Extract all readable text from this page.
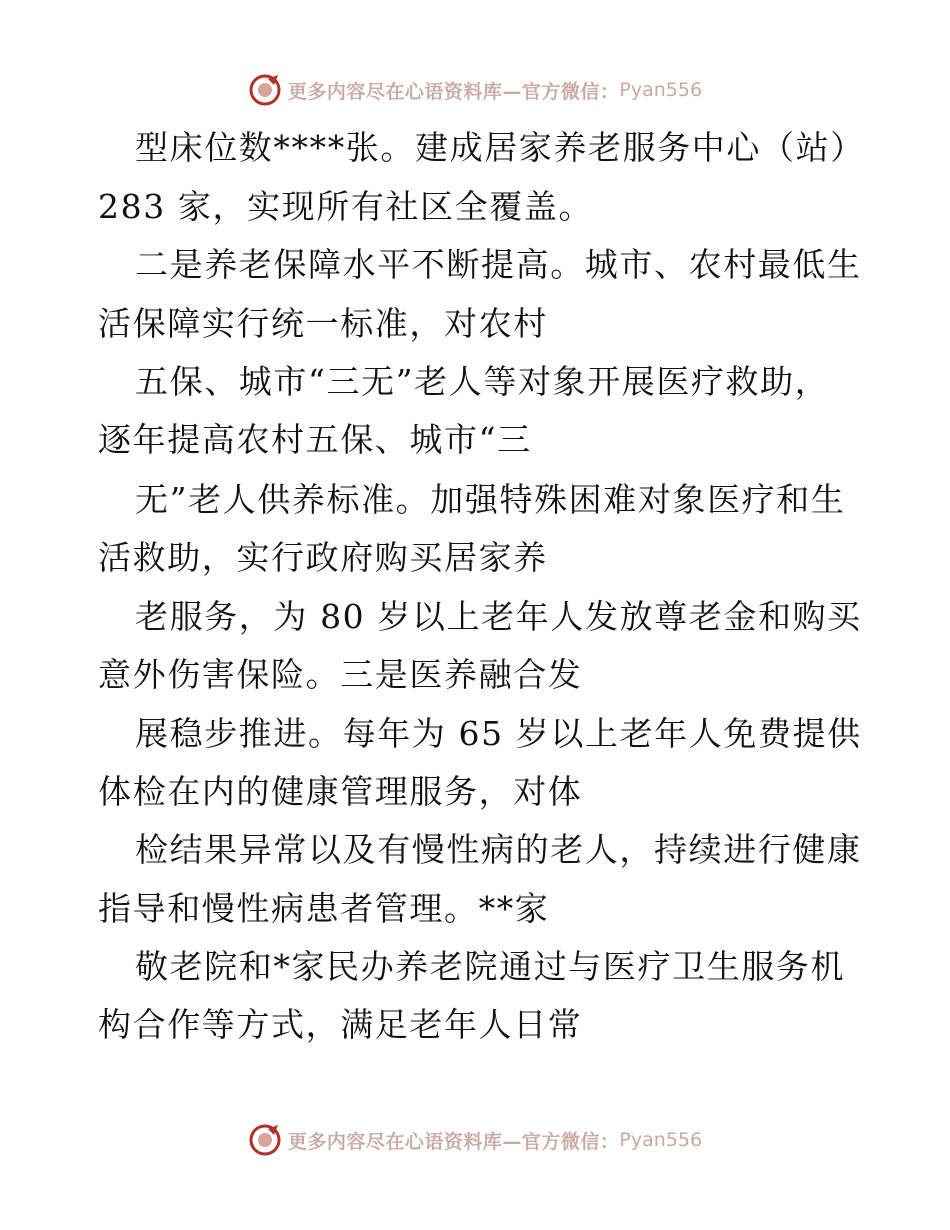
更多内容尽在心语资料库—官方微信： Pyan556
型床位数****张。建成居家养老服务中心（站）
283 家，实现所有社区全覆盖。
二是养老保障水平不断提高。城市、农村最低生
活保障实行统一标准，对农村
五保、城市“三无”老人等对象开展医疗救助，
逐年提高农村五保、城市“三
无”老人供养标准。加强特殊困难对象医疗和生
活救助，实行政府购买居家养
老服务，为 80 岁以上老年人发放尊老金和购买
意外伤害保险。三是医养融合发
展稳步推进。每年为 65 岁以上老年人免费提供
体检在内的健康管理服务，对体
检结果异常以及有慢性病的老人，持续进行健康
指导和慢性病患者管理。**家
敬老院和*家民办养老院通过与医疗卫生服务机
构合作等方式，满足老年人日常
更多内容尽在心语资料库—官方微信： Pyan556
